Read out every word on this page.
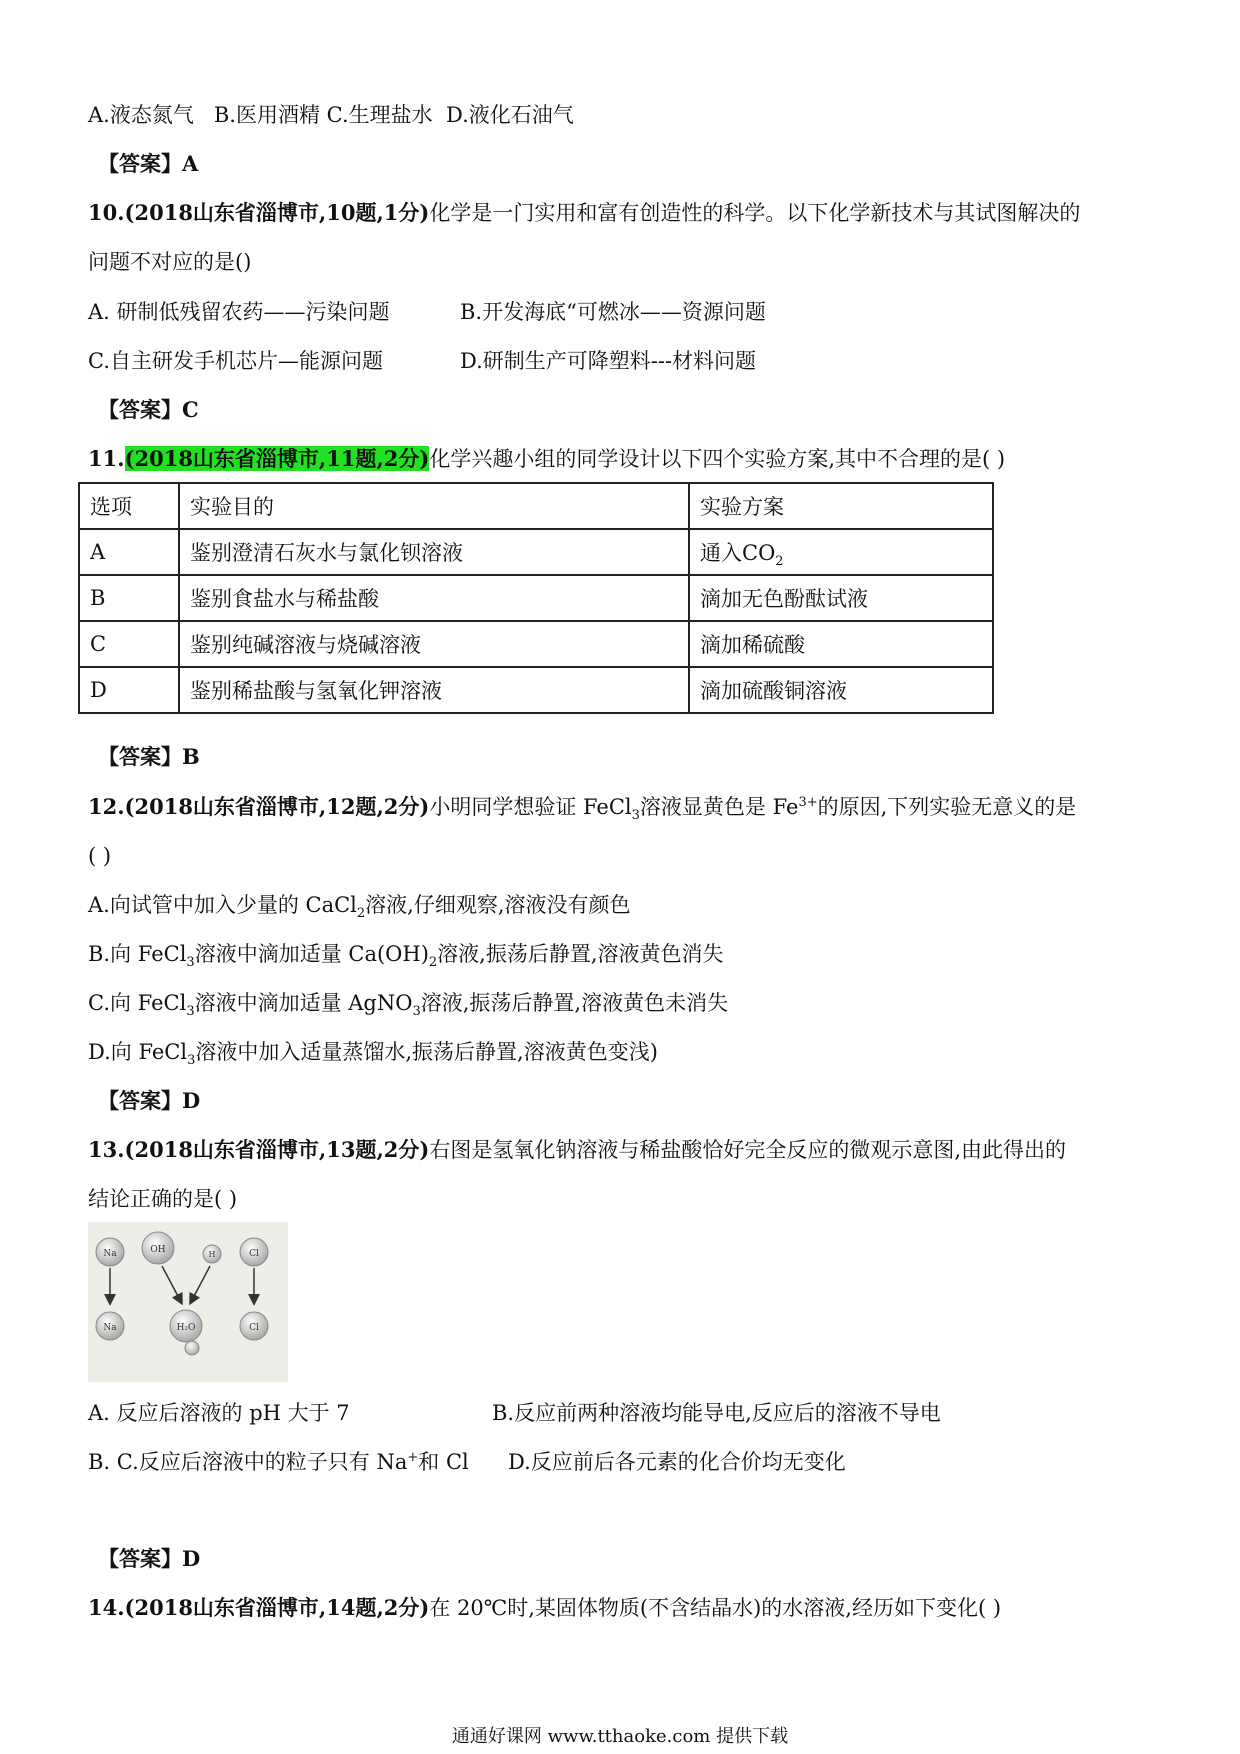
A.液态氮气 B.医用酒精 C.生理盐水 D.液化石油气
【答案】A
10.(2018山东省淄博市,10题,1分)化学是一门实用和富有创造性的科学。以下化学新技术与其试图解决的
问题不对应的是()
A. 研制低残留农药——污染问题	B.开发海底“可燃冰——资源问题
C.自主研发手机芯片—能源问题	D.研制生产可降塑料---材料问题
【答案】C
11.(2018山东省淄博市,11题,2分)化学兴趣小组的同学设计以下四个实验方案,其中不合理的是( )
选项	实验目的	实验方案
A	鉴别澄清石灰水与氯化钡溶液	通入$CO_2$
B	鉴别食盐水与稀盐酸	滴加无色酚酞试液
C	鉴别纯碱溶液与烧碱溶液	滴加稀硫酸
D	鉴别稀盐酸与氢氧化钾溶液	滴加硫酸铜溶液
【答案】B
12.(2018山东省淄博市,12题,2分)小明同学想验证 FeCl$_3$溶液显黄色是 $Fe^{3+}$的原因,下列实验无意义的是
( )
A.向试管中加入少量的 CaCl$_2$溶液,仔细观察,溶液没有颜色
B.向 FeCl$_3$溶液中滴加适量 $Ca(OH)_2$溶液,振荡后静置,溶液黄色消失
C.向 FeCl$_3$溶液中滴加适量 AgNO$_3$溶液,振荡后静置,溶液黄色未消失
D.向 FeCl$_3$溶液中加入适量蒸馏水,振荡后静置,溶液黄色变浅)
【答案】D
13.(2018山东省淄博市,13题,2分)右图是氢氧化钠溶液与稀盐酸恰好完全反应的微观示意图,由此得出的
结论正确的是( )
Na	OH	H	Cl
Na	H₂O	Cl
A. 反应后溶液的 pH 大于 7	B.反应前两种溶液均能导电,反应后的溶液不导电
B. C.反应后溶液中的粒子只有 Na+和 Cl D.反应前后各元素的化合价均无变化
【答案】D
14.(2018山东省淄博市,14题,2分)在 20℃时,某固体物质(不含结晶水)的水溶液,经历如下变化( )
通通好课网 www.tthaoke.com 提供下载
